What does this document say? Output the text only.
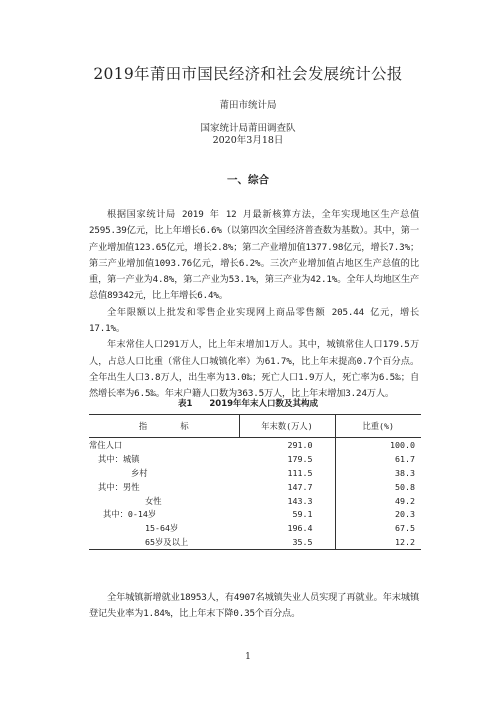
2019年莆田市国民经济和社会发展统计公报
莆田市统计局
国家统计局莆田调查队
2020年3月18日
一、综合

根据国家统计局 2019 年 12 月最新核算方法，全年实现地区生产总值 2595.39亿元，比上年增长6.6%（以第四次全国经济普查数为基数）。其中，第一产业增加值123.65亿元，增长2.8%；第二产业增加值1377.98亿元，增长7.3%；第三产业增加值1093.76亿元，增长6.2%。三次产业增加值占地区生产总值的比重，第一产业为4.8%，第二产业为53.1%，第三产业为42.1%。全年人均地区生产总值89342元，比上年增长6.4%。

全年限额以上批发和零售企业实现网上商品零售额 205.44 亿元，增长17.1%。

年末常住人口291万人，比上年末增加1万人。其中，城镇常住人口179.5万人，占总人口比重（常住人口城镇化率）为61.7%，比上年末提高0.7个百分点。全年出生人口3.8万人，出生率为13.0‰；死亡人口1.9万人，死亡率为6.5‰；自然增长率为6.5‰。年末户籍人口数为363.5万人，比上年末增加3.24万人。

表1　　2019年年末人口数及其构成
指　　　　标	年末数(万人)	比重(%)
常住人口	291.0	100.0
其中：城镇	179.5	61.7
乡村	111.5	38.3
其中：男性	147.7	50.8
女性	143.3	49.2
其中：0-14岁	59.1	20.3
15-64岁	196.4	67.5
65岁及以上	35.5	12.2

全年城镇新增就业18953人，有4907名城镇失业人员实现了再就业。年末城镇登记失业率为1.84%，比上年末下降0.35个百分点。

1
